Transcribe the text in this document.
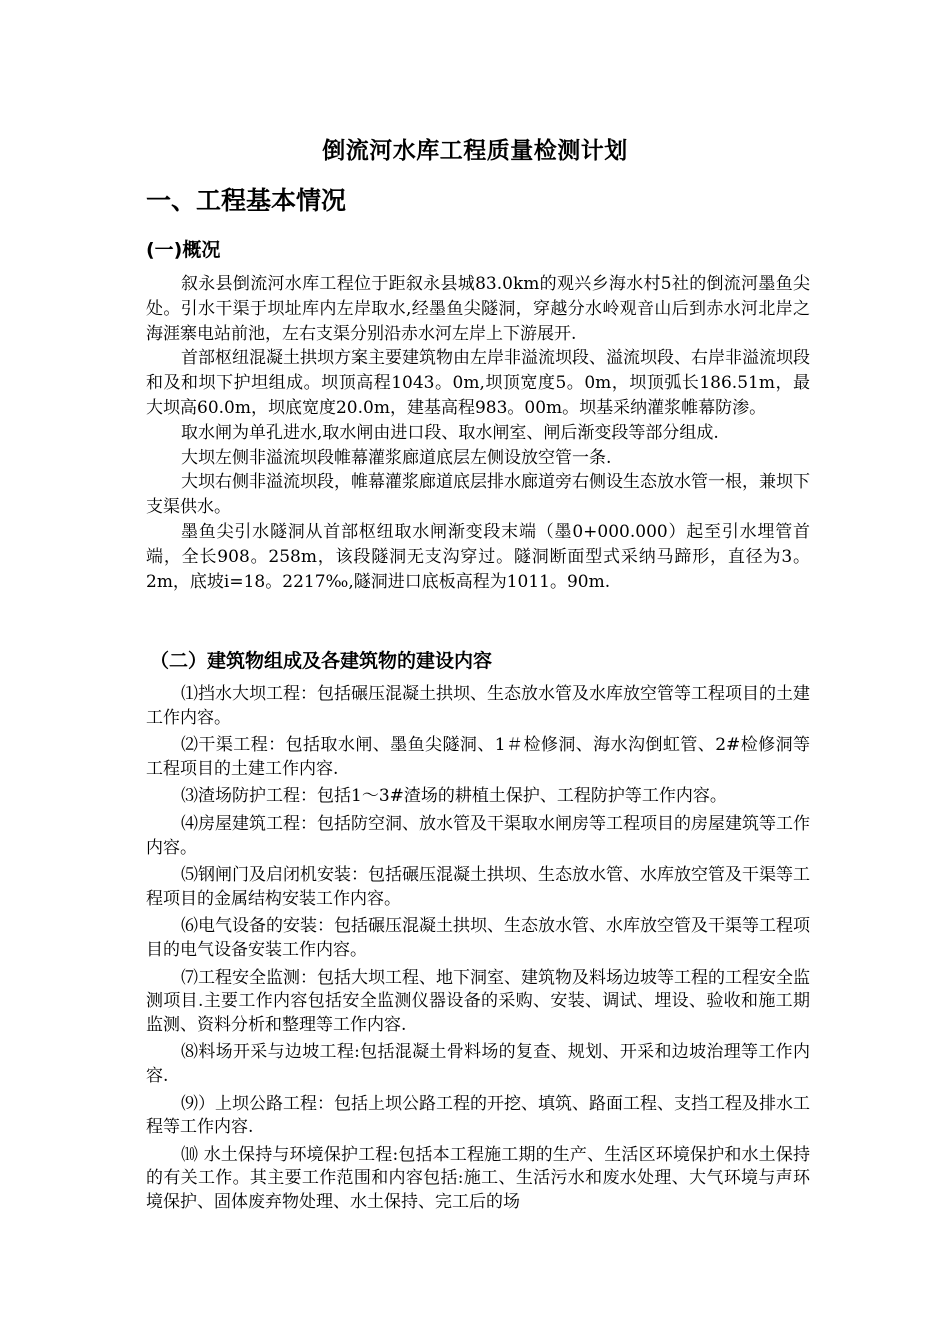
倒流河水库工程质量检测计划
一、工程基本情况
(一)概况

叙永县倒流河水库工程位于距叙永县城83.0km的观兴乡海水村5社的倒流河墨鱼尖处。引水干渠于坝址库内左岸取水,经墨鱼尖隧洞，穿越分水岭观音山后到赤水河北岸之海涯寨电站前池，左右支渠分别沿赤水河左岸上下游展开.

首部枢纽混凝土拱坝方案主要建筑物由左岸非溢流坝段、溢流坝段、右岸非溢流坝段和及和坝下护坦组成。坝顶高程1043。0m,坝顶宽度5。0m，坝顶弧长186.51m，最大坝高60.0m，坝底宽度20.0m，建基高程983。00m。坝基采纳灌浆帷幕防渗。

取水闸为单孔进水,取水闸由进口段、取水闸室、闸后渐变段等部分组成.

大坝左侧非溢流坝段帷幕灌浆廊道底层左侧设放空管一条.

大坝右侧非溢流坝段，帷幕灌浆廊道底层排水廊道旁右侧设生态放水管一根，兼坝下支渠供水。

墨鱼尖引水隧洞从首部枢纽取水闸渐变段末端（墨0+000.000）起至引水埋管首端，全长908。258m，该段隧洞无支沟穿过。隧洞断面型式采纳马蹄形，直径为3。2m，底坡i=18。2217‰,隧洞进口底板高程为1011。90m.

（二）建筑物组成及各建筑物的建设内容

⑴挡水大坝工程：包括碾压混凝土拱坝、生态放水管及水库放空管等工程项目的土建工作内容。

⑵干渠工程：包括取水闸、墨鱼尖隧洞、1＃检修洞、海水沟倒虹管、2#检修洞等工程项目的土建工作内容.

⑶渣场防护工程：包括1～3#渣场的耕植土保护、工程防护等工作内容。

⑷房屋建筑工程：包括防空洞、放水管及干渠取水闸房等工程项目的房屋建筑等工作内容。

⑸钢闸门及启闭机安装：包括碾压混凝土拱坝、生态放水管、水库放空管及干渠等工程项目的金属结构安装工作内容。

⑹电气设备的安装：包括碾压混凝土拱坝、生态放水管、水库放空管及干渠等工程项目的电气设备安装工作内容。

⑺工程安全监测：包括大坝工程、地下洞室、建筑物及料场边坡等工程的工程安全监测项目.主要工作内容包括安全监测仪器设备的采购、安装、调试、埋设、验收和施工期监测、资料分析和整理等工作内容.

⑻料场开采与边坡工程:包括混凝土骨料场的复查、规划、开采和边坡治理等工作内容.

⑼）上坝公路工程：包括上坝公路工程的开挖、填筑、路面工程、支挡工程及排水工程等工作内容.

⑽ 水土保持与环境保护工程:包括本工程施工期的生产、生活区环境保护和水土保持的有关工作。其主要工作范围和内容包括:施工、生活污水和废水处理、大气环境与声环境保护、固体废弃物处理、水土保持、完工后的场
